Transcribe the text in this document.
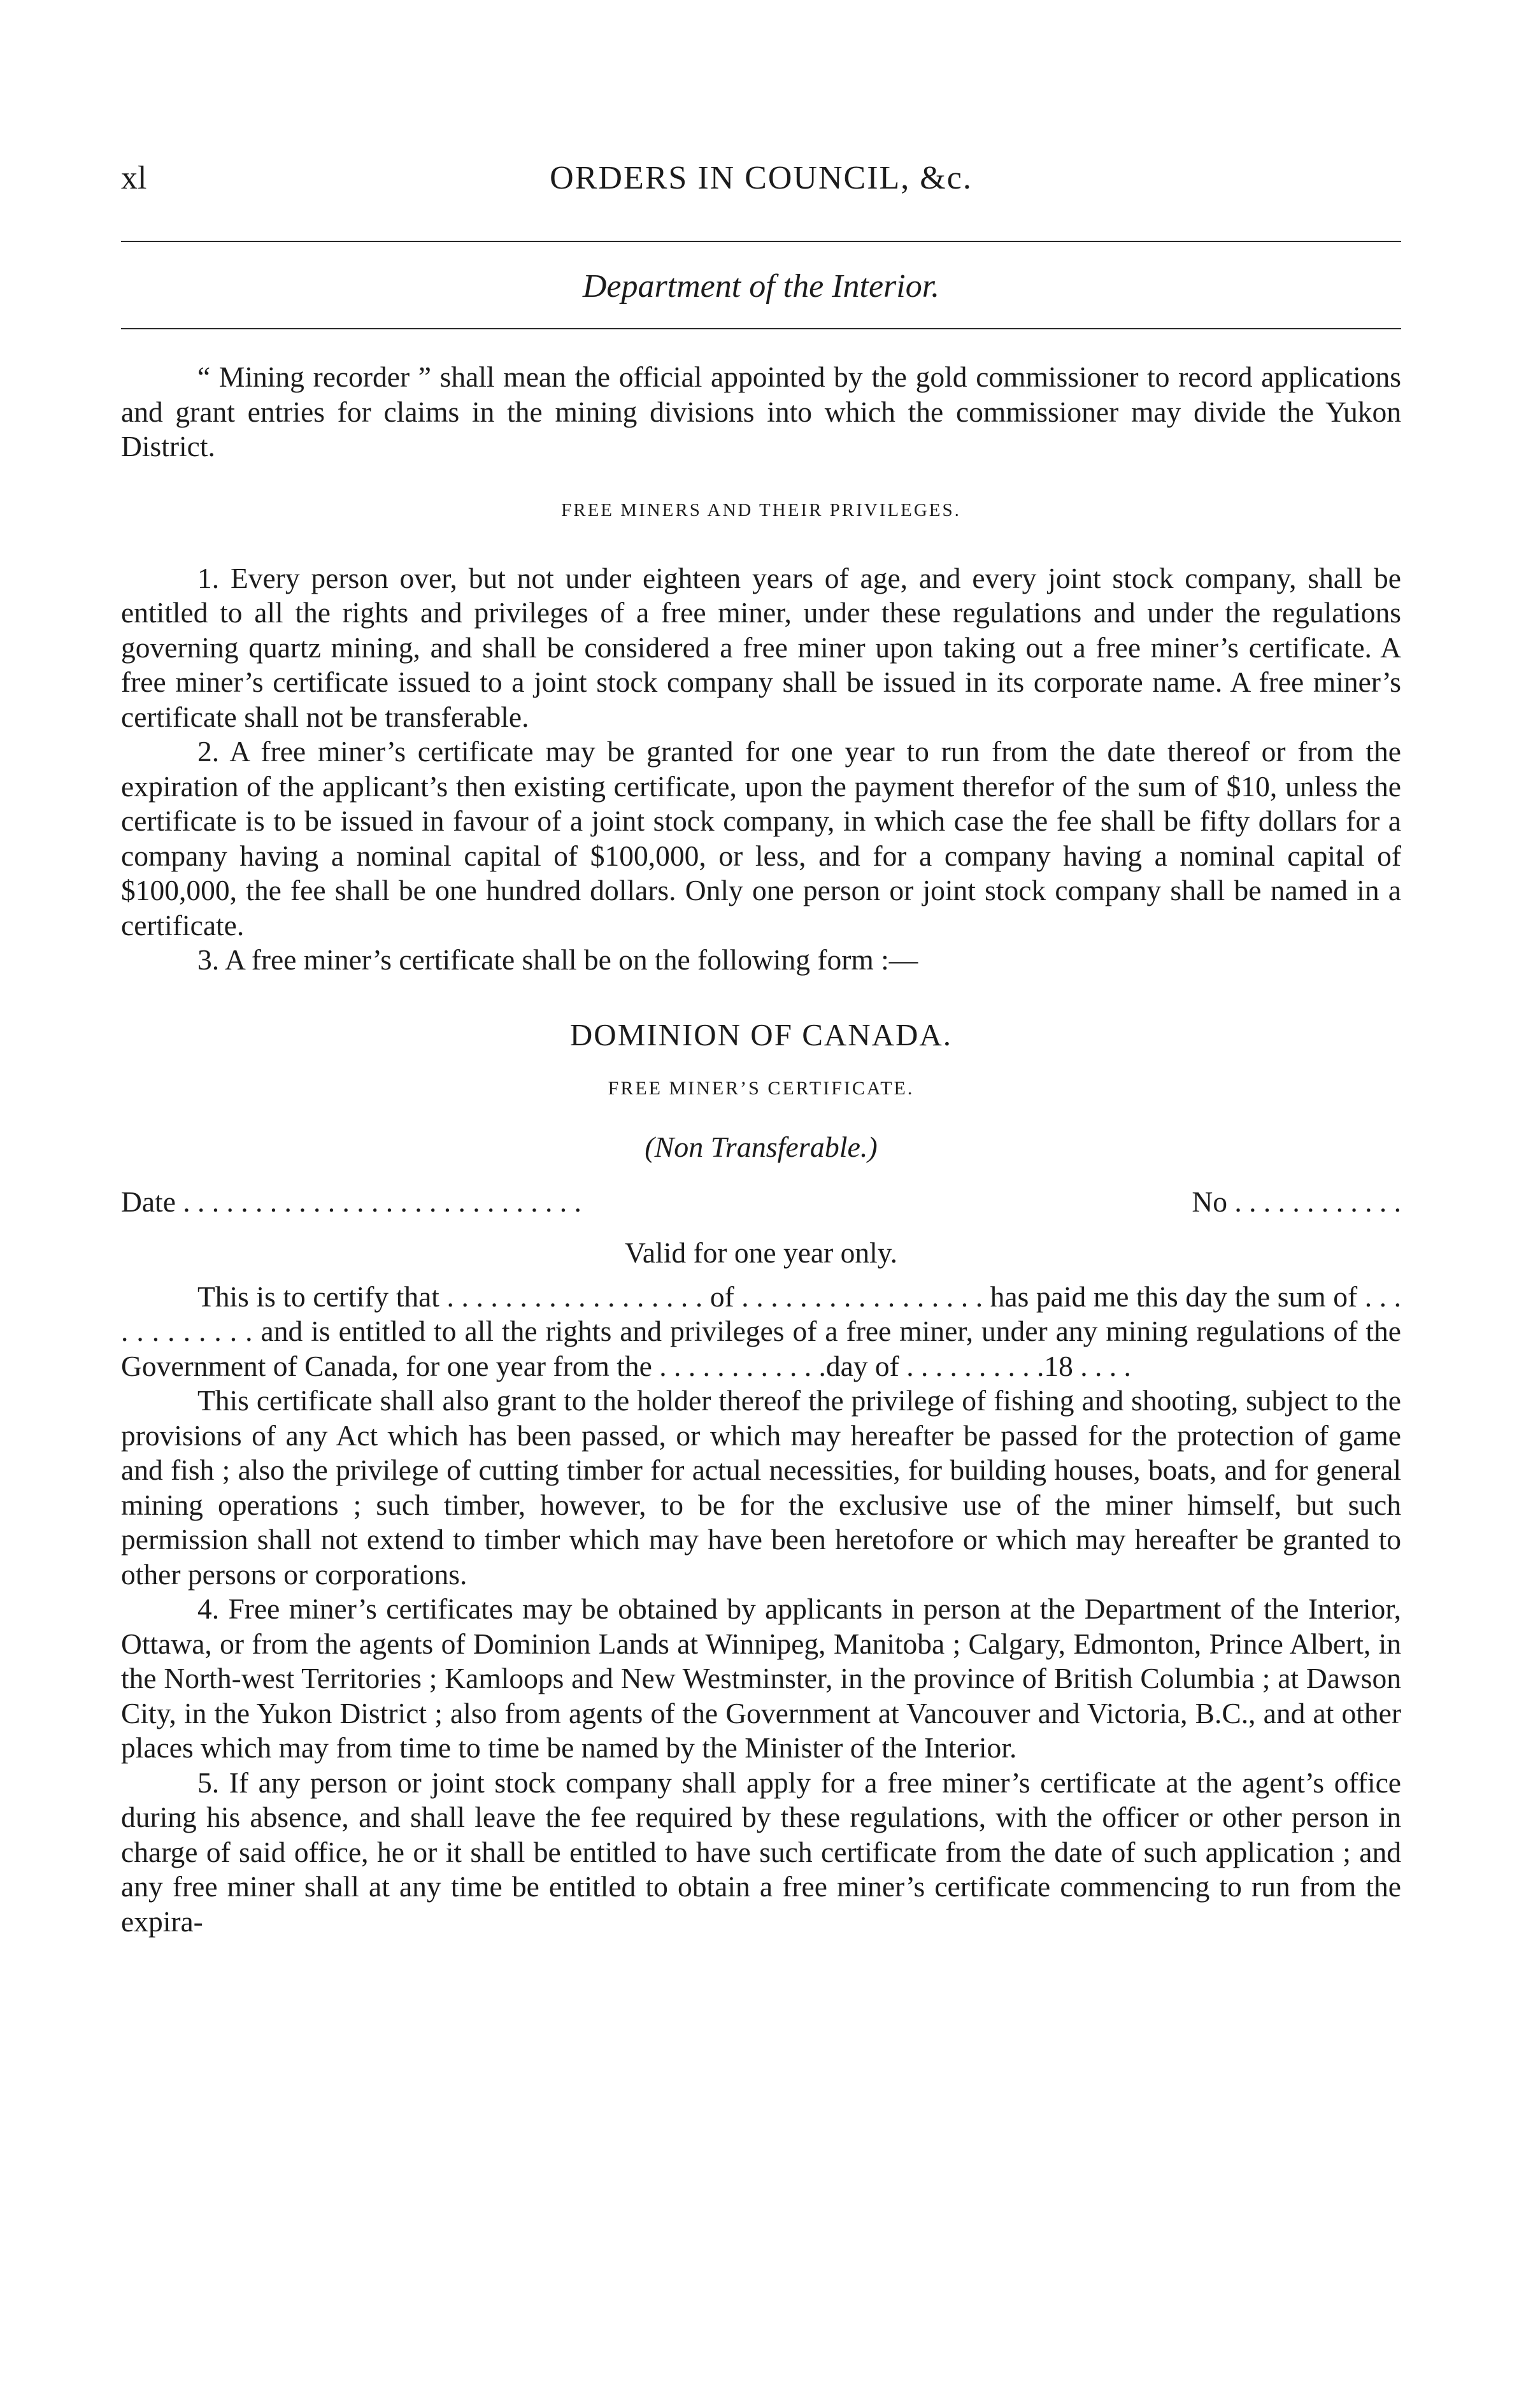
xl	ORDERS IN COUNCIL, &c.
Department of the Interior.

“ Mining recorder ” shall mean the official appointed by the gold commissioner to record applications and grant entries for claims in the mining divisions into which the commissioner may divide the Yukon District.

FREE MINERS AND THEIR PRIVILEGES.

1. Every person over, but not under eighteen years of age, and every joint stock company, shall be entitled to all the rights and privileges of a free miner, under these regulations and under the regulations governing quartz mining, and shall be considered a free miner upon taking out a free miner’s certificate. A free miner’s certificate issued to a joint stock company shall be issued in its corporate name. A free miner’s certificate shall not be transferable.

2. A free miner’s certificate may be granted for one year to run from the date thereof or from the expiration of the applicant’s then existing certificate, upon the payment therefor of the sum of $10, unless the certificate is to be issued in favour of a joint stock company, in which case the fee shall be fifty dollars for a company having a nominal capital of $100,000, or less, and for a company having a nominal capital of $100,000, the fee shall be one hundred dollars. Only one person or joint stock company shall be named in a certificate.

3. A free miner’s certificate shall be on the following form :—

DOMINION OF CANADA.
FREE MINER’S CERTIFICATE.
(Non Transferable.)
Date . . . . . . . . . . . . . . . . . . . . . . . . . . . .	No . . . . . . . . . . . .
Valid for one year only.

This is to certify that . . . . . . . . . . . . . . . . . . of . . . . . . . . . . . . . . . . . has paid me this day the sum of . . . . . . . . . . . . and is entitled to all the rights and privileges of a free miner, under any mining regulations of the Government of Canada, for one year from the . . . . . . . . . . . .day of . . . . . . . . . .18 . . . .

This certificate shall also grant to the holder thereof the privilege of fishing and shooting, subject to the provisions of any Act which has been passed, or which may hereafter be passed for the protection of game and fish ; also the privilege of cutting timber for actual necessities, for building houses, boats, and for general mining operations ; such timber, however, to be for the exclusive use of the miner himself, but such permission shall not extend to timber which may have been heretofore or which may hereafter be granted to other persons or corporations.

4. Free miner’s certificates may be obtained by applicants in person at the Department of the Interior, Ottawa, or from the agents of Dominion Lands at Winnipeg, Manitoba ; Calgary, Edmonton, Prince Albert, in the North-west Territories ; Kamloops and New Westminster, in the province of British Columbia ; at Dawson City, in the Yukon District ; also from agents of the Government at Vancouver and Victoria, B.C., and at other places which may from time to time be named by the Minister of the Interior.

5. If any person or joint stock company shall apply for a free miner’s certificate at the agent’s office during his absence, and shall leave the fee required by these regulations, with the officer or other person in charge of said office, he or it shall be entitled to have such certificate from the date of such application ; and any free miner shall at any time be entitled to obtain a free miner’s certificate commencing to run from the expira-
